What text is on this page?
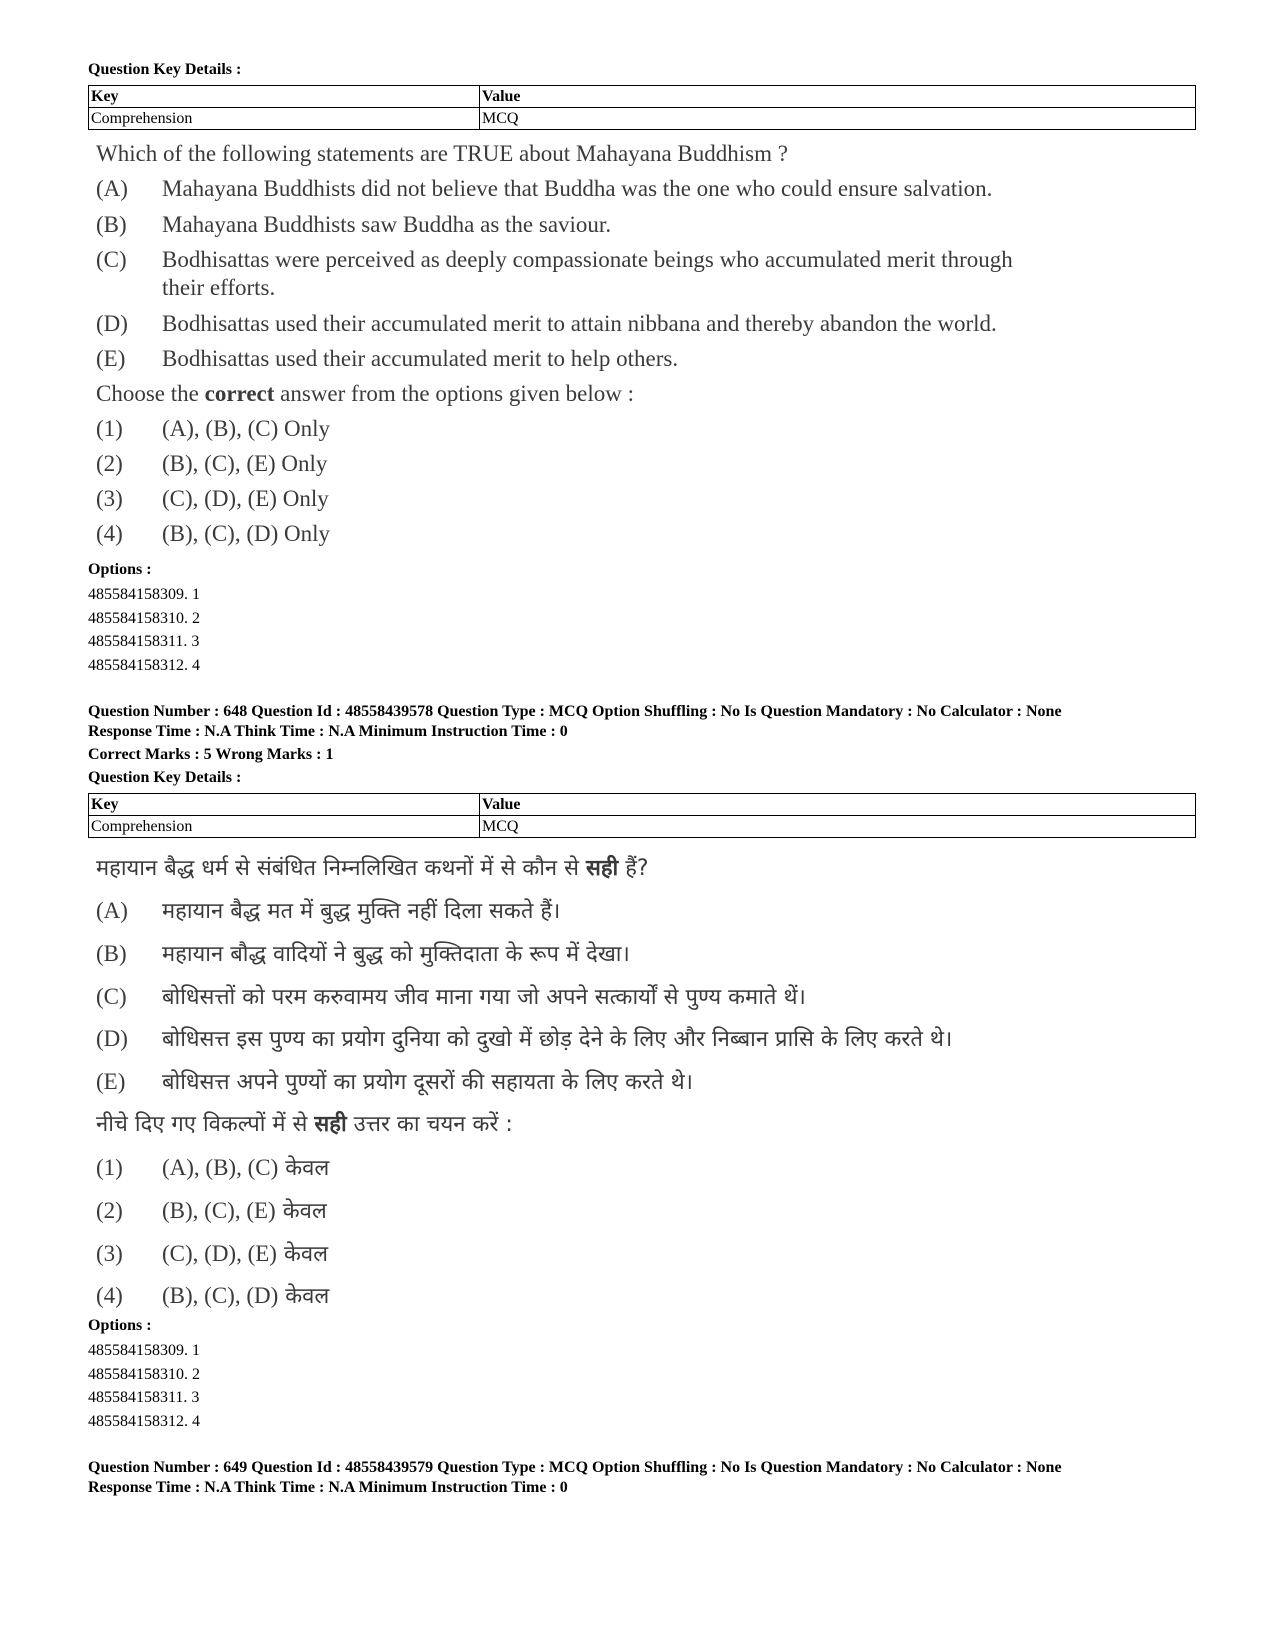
Question Key Details :
Key	Value
Comprehension	MCQ
Which of the following statements are TRUE about Mahayana Buddhism ?
(A) Mahayana Buddhists did not believe that Buddha was the one who could ensure salvation.
(B) Mahayana Buddhists saw Buddha as the saviour.
(C) Bodhisattas were perceived as deeply compassionate beings who accumulated merit through
their efforts.
(D) Bodhisattas used their accumulated merit to attain nibbana and thereby abandon the world.
(E) Bodhisattas used their accumulated merit to help others.
Choose the correct answer from the options given below :
(1) (A), (B), (C) Only
(2) (B), (C), (E) Only
(3) (C), (D), (E) Only
(4) (B), (C), (D) Only
Options :
485584158309. 1
485584158310. 2
485584158311. 3
485584158312. 4
Question Number : 648 Question Id : 48558439578 Question Type : MCQ Option Shuffling : No Is Question Mandatory : No Calculator : None
Response Time : N.A Think Time : N.A Minimum Instruction Time : 0
Correct Marks : 5 Wrong Marks : 1
Question Key Details :
Key	Value
Comprehension	MCQ
महायान बैद्ध धर्म से संबंधित निम्नलिखित कथनों में से कौन से सही हैं?
(A) महायान बैद्ध मत में बुद्ध मुक्ति नहीं दिला सकते हैं।
(B) महायान बौद्ध वादियों ने बुद्ध को मुक्तिदाता के रूप में देखा।
(C) बोधिसत्तों को परम करुवामय जीव माना गया जो अपने सत्कार्यों से पुण्य कमाते थें।
(D) बोधिसत्त इस पुण्य का प्रयोग दुनिया को दुखो में छोड़ देने के लिए और निब्बान प्रासि के लिए करते थे।
(E) बोधिसत्त अपने पुण्यों का प्रयोग दूसरों की सहायता के लिए करते थे।
नीचे दिए गए विकल्पों में से सही उत्तर का चयन करें :
(1) (A), (B), (C) केवल
(2) (B), (C), (E) केवल
(3) (C), (D), (E) केवल
(4) (B), (C), (D) केवल
Options :
485584158309. 1
485584158310. 2
485584158311. 3
485584158312. 4
Question Number : 649 Question Id : 48558439579 Question Type : MCQ Option Shuffling : No Is Question Mandatory : No Calculator : None
Response Time : N.A Think Time : N.A Minimum Instruction Time : 0
